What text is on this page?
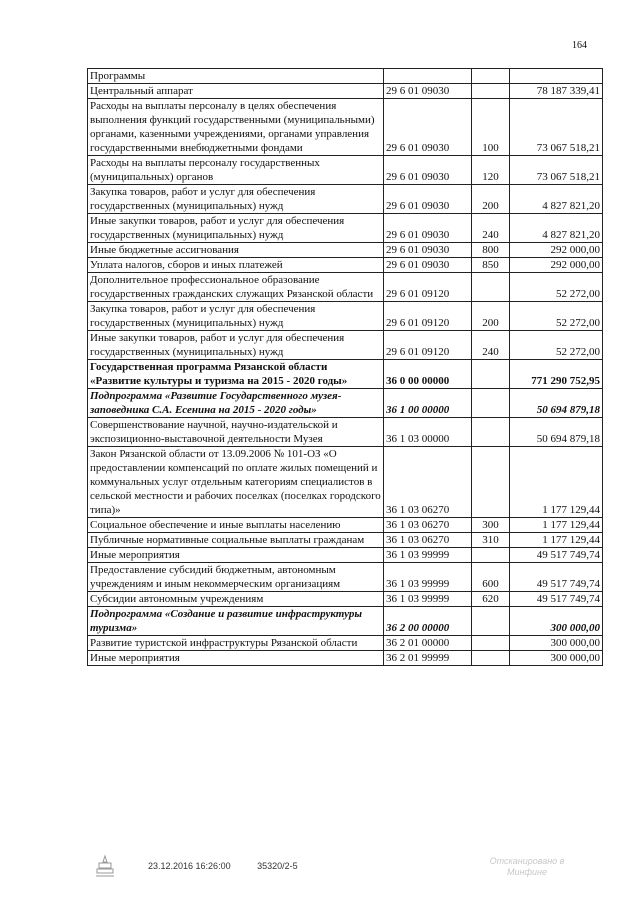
164
Программы			
Центральный аппарат	29 6 01 09030		78 187 339,41
Расходы на выплаты персоналу в целях обеспечения выполнения функций государственными (муниципальными) органами, казенными учреждениями, органами управления государственными внебюджетными фондами	29 6 01 09030	100	73 067 518,21
Расходы на выплаты персоналу государственных (муниципальных) органов	29 6 01 09030	120	73 067 518,21
Закупка товаров, работ и услуг для обеспечения государственных (муниципальных) нужд	29 6 01 09030	200	4 827 821,20
Иные закупки товаров, работ и услуг для обеспечения государственных (муниципальных) нужд	29 6 01 09030	240	4 827 821,20
Иные бюджетные ассигнования	29 6 01 09030	800	292 000,00
Уплата налогов, сборов и иных платежей	29 6 01 09030	850	292 000,00
Дополнительное профессиональное образование государственных гражданских служащих Рязанской области	29 6 01 09120		52 272,00
Закупка товаров, работ и услуг для обеспечения государственных (муниципальных) нужд	29 6 01 09120	200	52 272,00
Иные закупки товаров, работ и услуг для обеспечения государственных (муниципальных) нужд	29 6 01 09120	240	52 272,00
Государственная программа Рязанской области «Развитие культуры и туризма на 2015 - 2020 годы»	36 0 00 00000		771 290 752,95
Подпрограмма «Развитие Государственного музея-заповедника С.А. Есенина на 2015 - 2020 годы»	36 1 00 00000		50 694 879,18
Совершенствование научной, научно-издательской и экспозиционно-выставочной деятельности Музея	36 1 03 00000		50 694 879,18
Закон Рязанской области от 13.09.2006 № 101-ОЗ «О предоставлении компенсаций по оплате жилых помещений и коммунальных услуг отдельным категориям специалистов в сельской местности и рабочих поселках (поселках городского типа)»	36 1 03 06270		1 177 129,44
Социальное обеспечение и иные выплаты населению	36 1 03 06270	300	1 177 129,44
Публичные нормативные социальные выплаты гражданам	36 1 03 06270	310	1 177 129,44
Иные мероприятия	36 1 03 99999		49 517 749,74
Предоставление субсидий бюджетным, автономным учреждениям и иным некоммерческим организациям	36 1 03 99999	600	49 517 749,74
Субсидии автономным учреждениям	36 1 03 99999	620	49 517 749,74
Подпрограмма «Создание и развитие инфраструктуры туризма»	36 2 00 00000		300 000,00
Развитие туристской инфраструктуры Рязанской области	36 2 01 00000		300 000,00
Иные мероприятия	36 2 01 99999		300 000,00
23.12.2016 16:26:00	35320/2-5	Отсканировано в
Минфине
